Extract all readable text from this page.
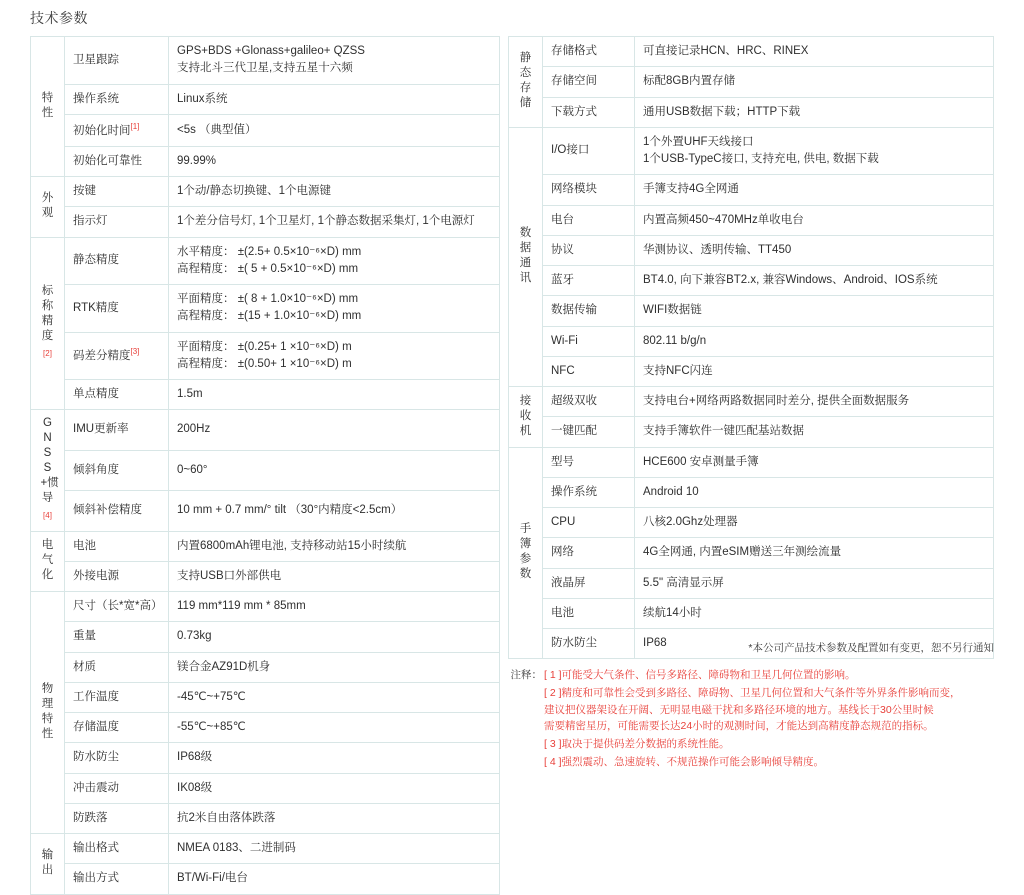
技术参数
特性	卫星跟踪	GPS+BDS +Glonass+galileo+ QZSS
支持北斗三代卫星,支持五星十六频

	操作系统	Linux系统

	初始化时间[1]	<5s （典型值）

	初始化可靠性	99.99%

外观	按键	1个动/静态切换键、1个电源键

	指示灯	1个差分信号灯, 1个卫星灯, 1个静态数据采集灯, 1个电源灯

标称精度
[2]	静态精度	水平精度： ±(2.5+ 0.5×10⁻⁶×D) mm
高程精度： ±( 5 + 0.5×10⁻⁶×D) mm

	RTK精度	平面精度： ±( 8 + 1.0×10⁻⁶×D) mm
高程精度： ±(15 + 1.0×10⁻⁶×D) mm

	码差分精度[3]	平面精度： ±(0.25+ 1 ×10⁻⁶×D) m
高程精度： ±(0.50+ 1 ×10⁻⁶×D) m

	单点精度	1.5m

GNSS+惯导
[4]	IMU更新率	200Hz

	倾斜角度	0~60°

	倾斜补偿精度	10 mm + 0.7 mm/° tilt （30°内精度<2.5cm）

电气化	电池	内置6800mAh锂电池, 支持移动站15小时续航

	外接电源	支持USB口外部供电

物理特性	尺寸（长*宽*高）	119 mm*119 mm * 85mm

	重量	0.73kg

	材质	镁合金AZ91D机身

	工作温度	-45℃~+75℃

	存储温度	-55℃~+85℃

	防水防尘	IP68级

	冲击震动	IK08级

	防跌落	抗2米自由落体跌落

输出	输出格式	NMEA 0183、二进制码

	输出方式	BT/Wi-Fi/电台
静态存储	存储格式	可直接记录HCN、HRC、RINEX

	存储空间	标配8GB内置存储

	下载方式	通用USB数据下载；HTTP下载

数据通讯	I/O接口	1个外置UHF天线接口
1个USB-TypeC接口, 支持充电, 供电, 数据下载

	网络模块	手簿支持4G全网通

	电台	内置高频450~470MHz单收电台

	协议	华测协议、透明传输、TT450

	蓝牙	BT4.0, 向下兼容BT2.x, 兼容Windows、Android、IOS系统

	数据传输	WIFI数据链

	Wi-Fi	802.11 b/g/n

	NFC	支持NFC闪连

接收机	超级双收	支持电台+网络两路数据同时差分, 提供全面数据服务

	一键匹配	支持手簿软件一键匹配基站数据

手簿参数	型号	HCE600 安卓测量手簿

	操作系统	Android 10

	CPU	八核2.0Ghz处理器

	网络	4G全网通, 内置eSIM赠送三年测绘流量

	液晶屏	5.5" 高清显示屏

	电池	续航14小时

	防水防尘	IP68	*本公司产品技术参数及配置如有变更，恕不另行通知
注释： [ 1 ]可能受大气条件、信号多路径、障碍物和卫星几何位置的影响。
[ 2 ]精度和可靠性会受到多路径、障碍物、卫星几何位置和大气条件等外界条件影响而变，
建议把仪器架设在开阔、无明显电磁干扰和多路径环境的地方。基线长于30公里时候
需要精密星历，可能需要长达24小时的观测时间，才能达到高精度静态规范的指标。
[ 3 ]取决于提供码差分数据的系统性能。
[ 4 ]强烈震动、急速旋转、不规范操作可能会影响倾导精度。
